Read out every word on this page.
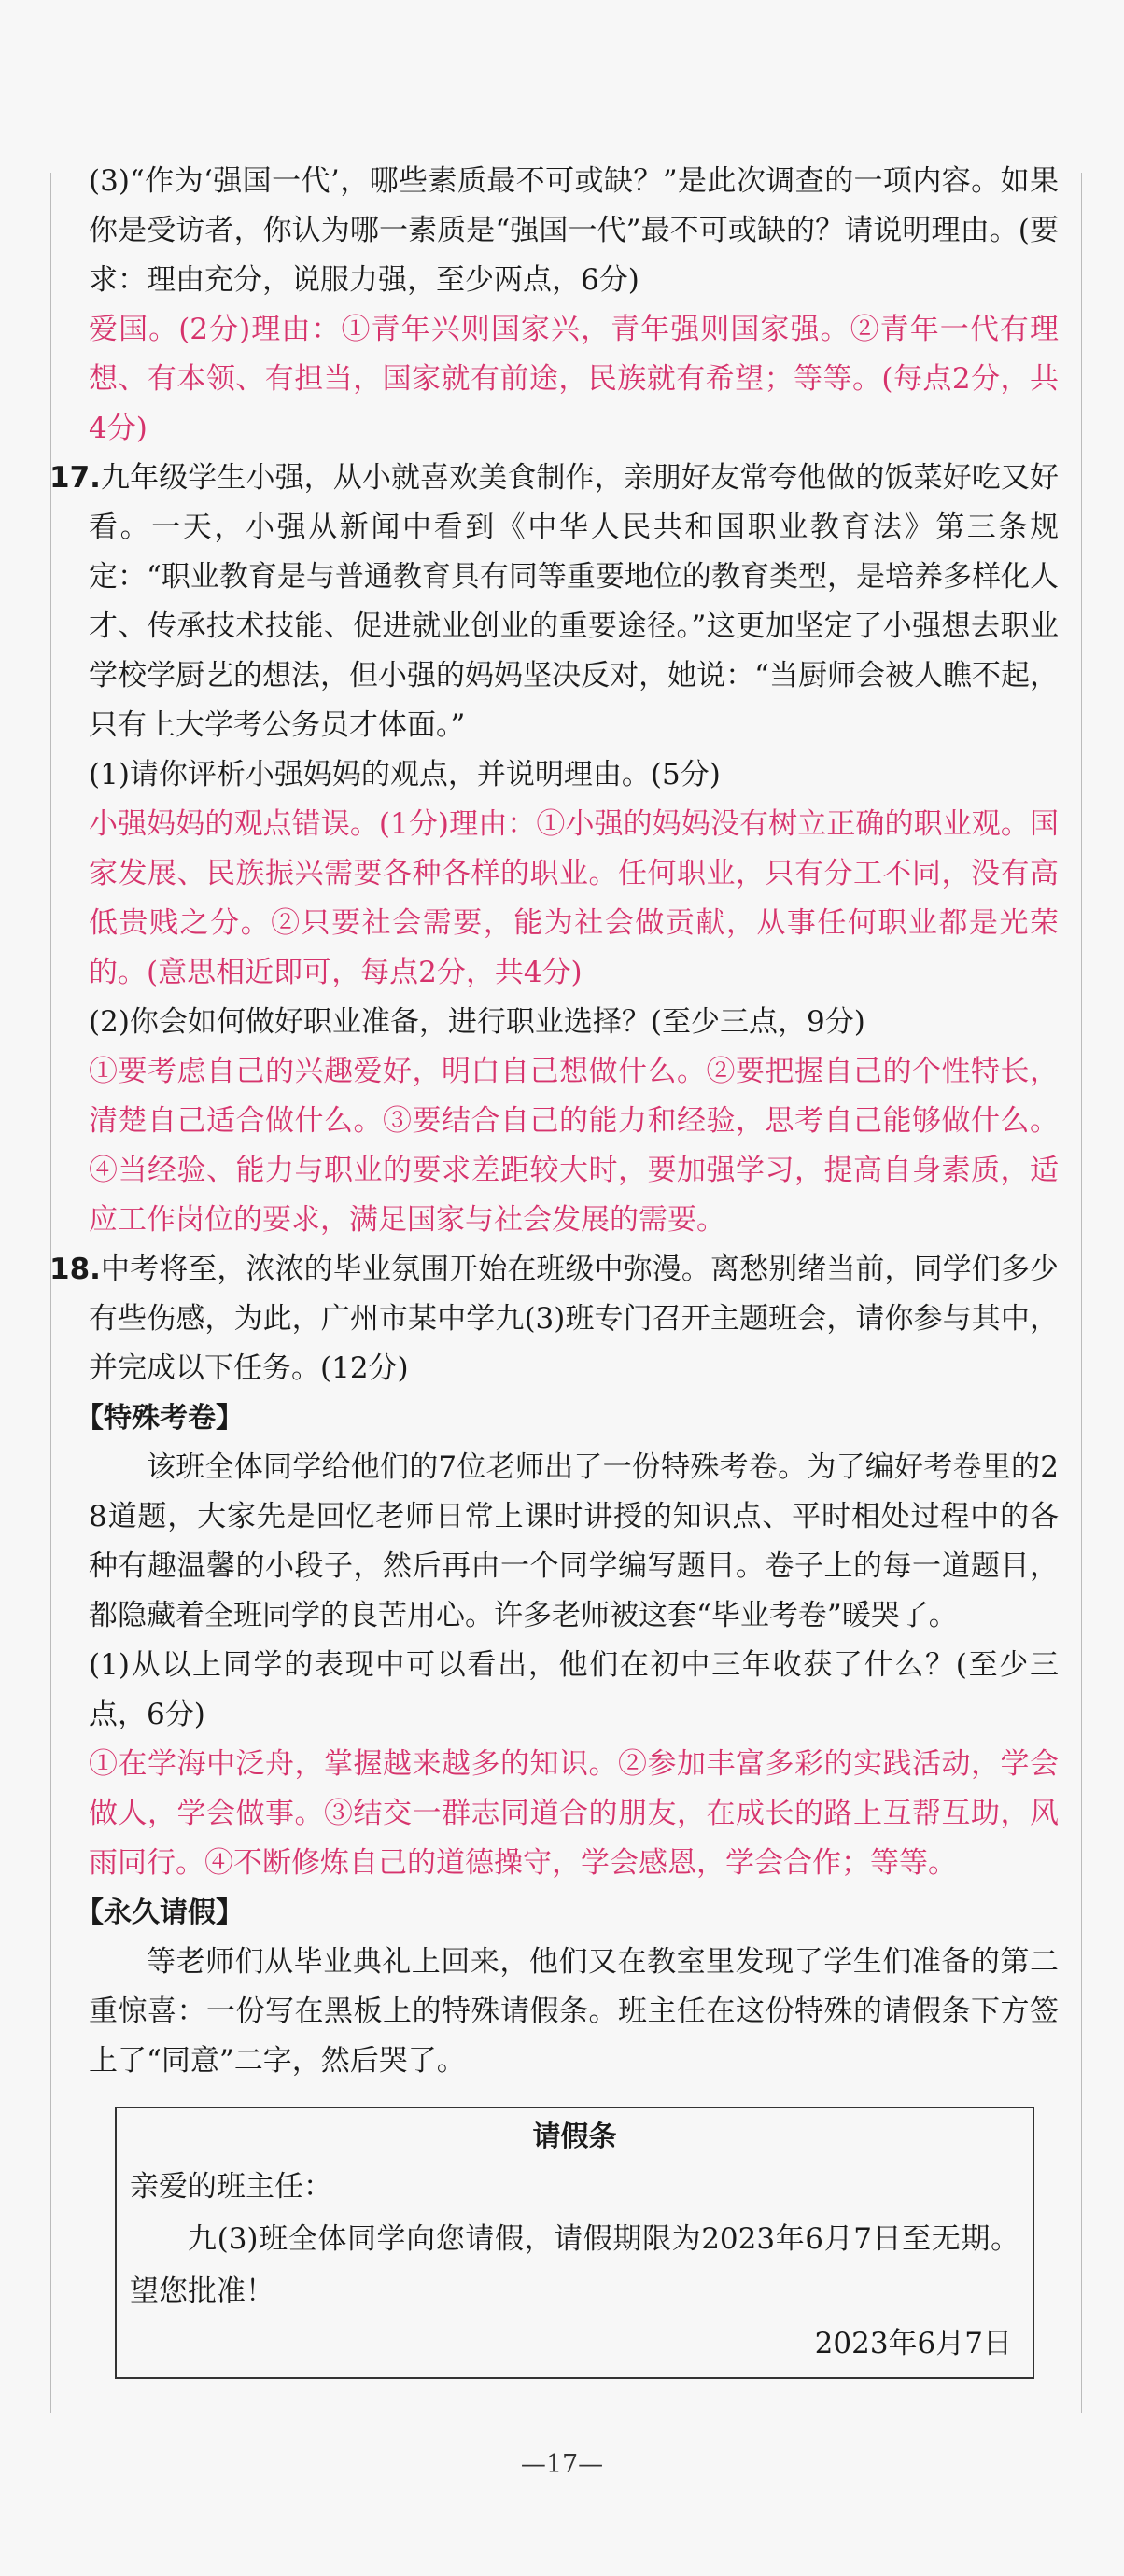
(3)“作为‘强国一代’，哪些素质最不可或缺？”是此次调查的一项内容。如果你是受访者，你认为哪一素质是“强国一代”最不可或缺的？请说明理由。(要求：理由充分，说服力强，至少两点，6分)

爱国。(2分)理由：①青年兴则国家兴，青年强则国家强。②青年一代有理想、有本领、有担当，国家就有前途，民族就有希望；等等。(每点2分，共4分)

17.九年级学生小强，从小就喜欢美食制作，亲朋好友常夸他做的饭菜好吃又好看。一天，小强从新闻中看到《中华人民共和国职业教育法》第三条规定：“职业教育是与普通教育具有同等重要地位的教育类型，是培养多样化人才、传承技术技能、促进就业创业的重要途径。”这更加坚定了小强想去职业学校学厨艺的想法，但小强的妈妈坚决反对，她说：“当厨师会被人瞧不起，只有上大学考公务员才体面。”

(1)请你评析小强妈妈的观点，并说明理由。(5分)

小强妈妈的观点错误。(1分)理由：①小强的妈妈没有树立正确的职业观。国家发展、民族振兴需要各种各样的职业。任何职业，只有分工不同，没有高低贵贱之分。②只要社会需要，能为社会做贡献，从事任何职业都是光荣的。(意思相近即可，每点2分，共4分)

(2)你会如何做好职业准备，进行职业选择？(至少三点，9分)

①要考虑自己的兴趣爱好，明白自己想做什么。②要把握自己的个性特长，清楚自己适合做什么。③要结合自己的能力和经验，思考自己能够做什么。④当经验、能力与职业的要求差距较大时，要加强学习，提高自身素质，适应工作岗位的要求，满足国家与社会发展的需要。

18.中考将至，浓浓的毕业氛围开始在班级中弥漫。离愁别绪当前，同学们多少有些伤感，为此，广州市某中学九(3)班专门召开主题班会，请你参与其中，并完成以下任务。(12分)

【特殊考卷】

该班全体同学给他们的7位老师出了一份特殊考卷。为了编好考卷里的28道题，大家先是回忆老师日常上课时讲授的知识点、平时相处过程中的各种有趣温馨的小段子，然后再由一个同学编写题目。卷子上的每一道题目，都隐藏着全班同学的良苦用心。许多老师被这套“毕业考卷”暖哭了。

(1)从以上同学的表现中可以看出，他们在初中三年收获了什么？(至少三点，6分)

①在学海中泛舟，掌握越来越多的知识。②参加丰富多彩的实践活动，学会做人，学会做事。③结交一群志同道合的朋友，在成长的路上互帮互助，风雨同行。④不断修炼自己的道德操守，学会感恩，学会合作；等等。

【永久请假】

等老师们从毕业典礼上回来，他们又在教室里发现了学生们准备的第二重惊喜：一份写在黑板上的特殊请假条。班主任在这份特殊的请假条下方签上了“同意”二字，然后哭了。

请假条

亲爱的班主任：

九(3)班全体同学向您请假，请假期限为2023年6月7日至无期。望您批准！

2023年6月7日

—17—
